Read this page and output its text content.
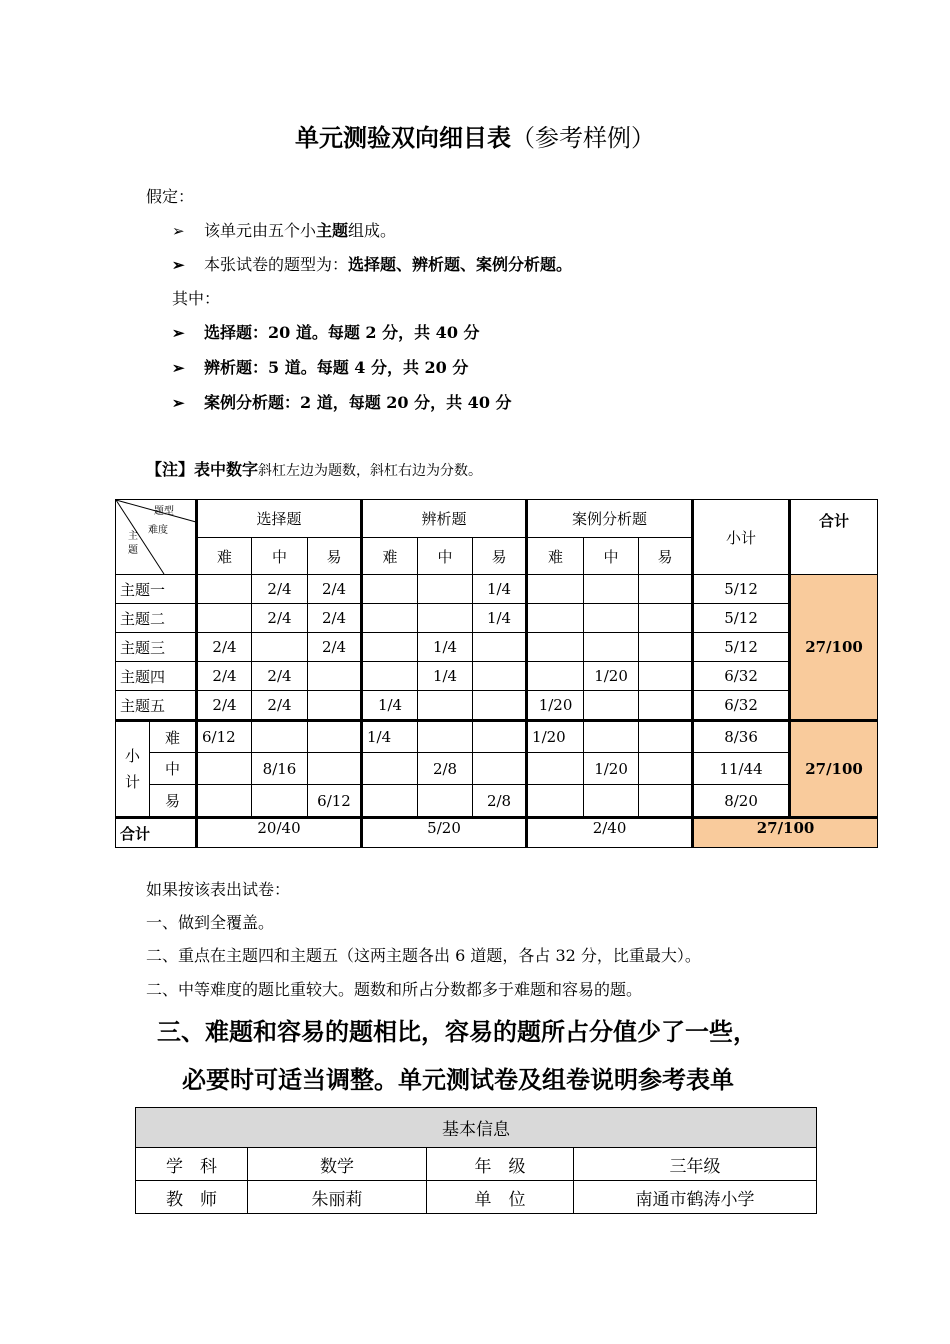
单元测验双向细目表（参考样例）
假定：
➢ 该单元由五个小主题组成。
➢ 本张试卷的题型为：选择题、辨析题、案例分析题。
其中：
➢ 选择题：20 道。每题 2 分，共 40 分
➢ 辨析题：5 道。每题 4 分，共 20 分
➢ 案例分析题：2 道，每题 20 分，共 40 分
【注】表中数字斜杠左边为题数，斜杠右边为分数。
题型
难度
主
题		选择题			辨析题			案例分析题			小计	合计
		难	中	易	难	中	易	难	中	易		
主题一			2/4	2/4			1/4				5/12	27/100
主题二			2/4	2/4			1/4				5/12	
主题三		2/4		2/4		1/4					5/12	
主题四		2/4	2/4			1/4			1/20		6/32	
主题五		2/4	2/4		1/4			1/20			6/32	
小
计	难	6/12			1/4			1/20			8/36	27/100
	中		8/16			2/8			1/20		11/44	
	易			6/12			2/8				8/20	
合计		20/40			5/20			2/40			27/100	
如果按该表出试卷：
一、做到全覆盖。
二、重点在主题四和主题五（这两主题各出 6 道题，各占 32 分，比重最大）。
二、中等难度的题比重较大。题数和所占分数都多于难题和容易的题。
三、难题和容易的题相比，容易的题所占分值少了一些，
必要时可适当调整。单元测试卷及组卷说明参考表单
基本信息			
学　科	数学	年　级	三年级
教　师	朱丽莉	单　位	南通市鹤涛小学
